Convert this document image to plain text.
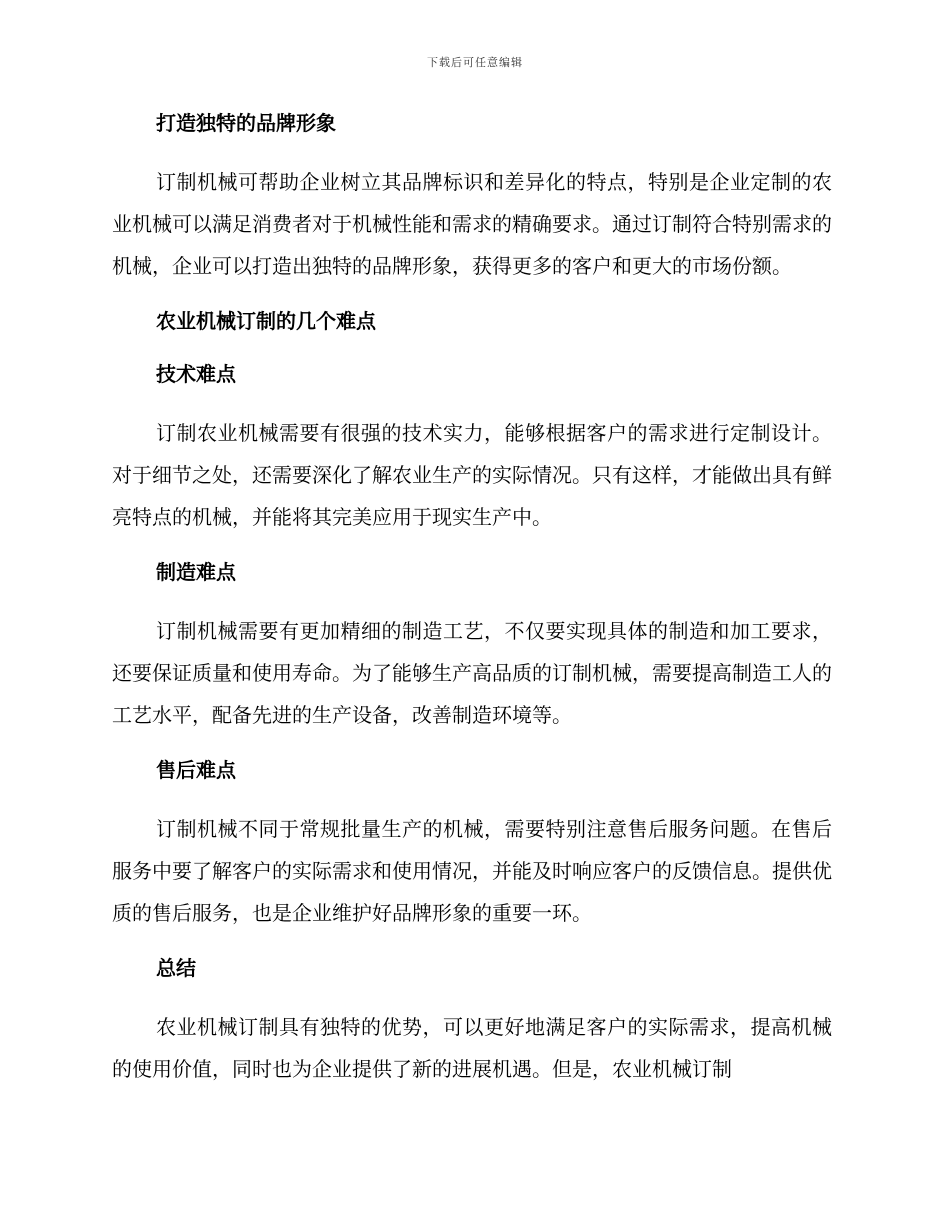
下载后可任意编辑
打造独特的品牌形象

订制机械可帮助企业树立其品牌标识和差异化的特点，特别是企业定制的农业机械可以满足消费者对于机械性能和需求的精确要求。通过订制符合特别需求的机械，企业可以打造出独特的品牌形象，获得更多的客户和更大的市场份额。

农业机械订制的几个难点
技术难点

订制农业机械需要有很强的技术实力，能够根据客户的需求进行定制设计。对于细节之处，还需要深化了解农业生产的实际情况。只有这样，才能做出具有鲜亮特点的机械，并能将其完美应用于现实生产中。

制造难点

订制机械需要有更加精细的制造工艺，不仅要实现具体的制造和加工要求，还要保证质量和使用寿命。为了能够生产高品质的订制机械，需要提高制造工人的工艺水平，配备先进的生产设备，改善制造环境等。

售后难点

订制机械不同于常规批量生产的机械，需要特别注意售后服务问题。在售后服务中要了解客户的实际需求和使用情况，并能及时响应客户的反馈信息。提供优质的售后服务，也是企业维护好品牌形象的重要一环。

总结

农业机械订制具有独特的优势，可以更好地满足客户的实际需求，提高机械的使用价值，同时也为企业提供了新的进展机遇。但是，农业机械订制
